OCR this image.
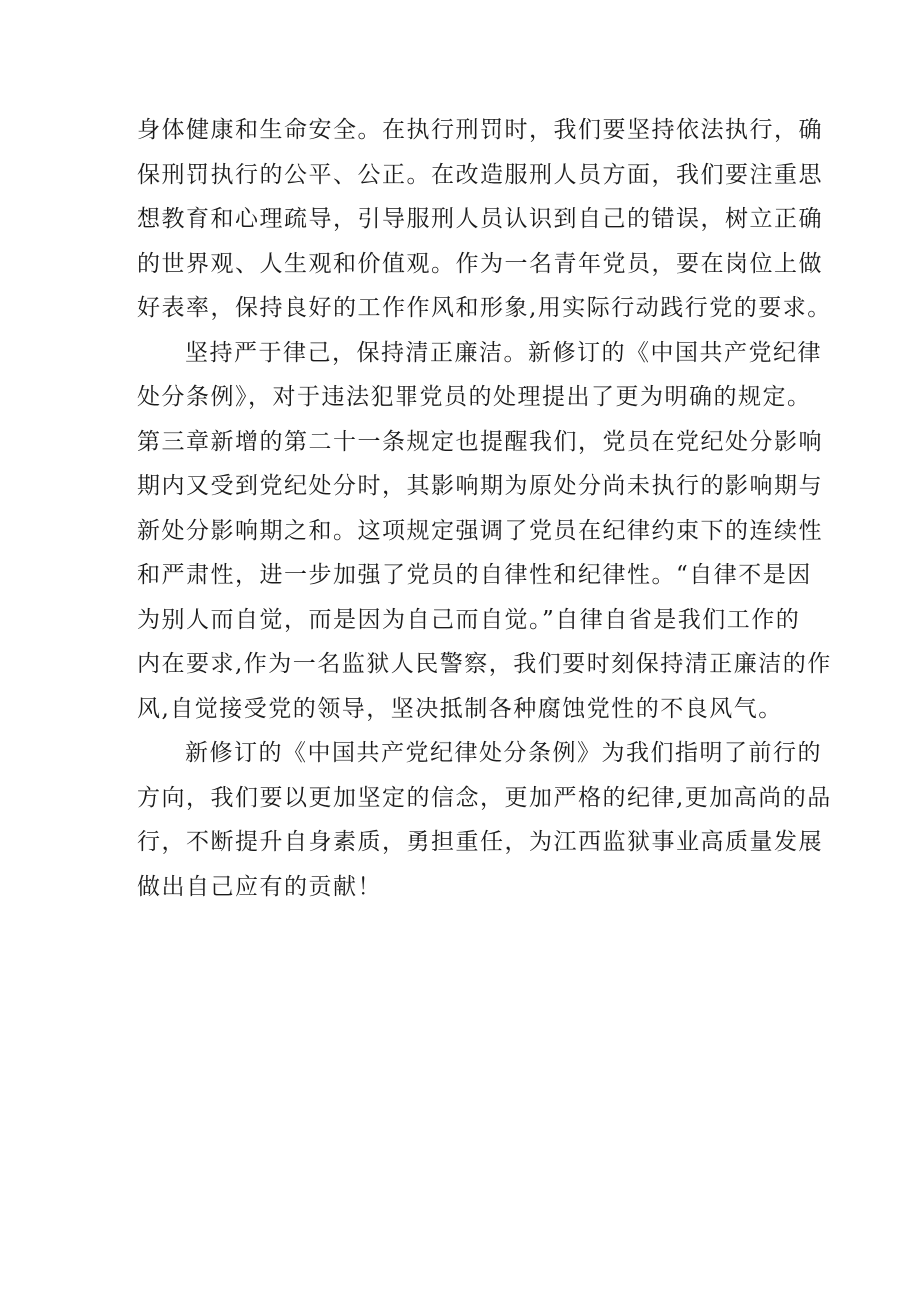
身体健康和生命安全。在执行刑罚时，我们要坚持依法执行，确
保刑罚执行的公平、公正。在改造服刑人员方面，我们要注重思
想教育和心理疏导，引导服刑人员认识到自己的错误，树立正确
的世界观、人生观和价值观。作为一名青年党员，要在岗位上做
好表率，保持良好的工作作风和形象,用实际行动践行党的要求。
坚持严于律己，保持清正廉洁。新修订的《中国共产党纪律
处分条例》，对于违法犯罪党员的处理提出了更为明确的规定。
第三章新增的第二十一条规定也提醒我们，党员在党纪处分影响
期内又受到党纪处分时，其影响期为原处分尚未执行的影响期与
新处分影响期之和。这项规定强调了党员在纪律约束下的连续性
和严肃性，进一步加强了党员的自律性和纪律性。“自律不是因
为别人而自觉，而是因为自己而自觉。”自律自省是我们工作的
内在要求,作为一名监狱人民警察，我们要时刻保持清正廉洁的作
风,自觉接受党的领导，坚决抵制各种腐蚀党性的不良风气。
新修订的《中国共产党纪律处分条例》为我们指明了前行的
方向，我们要以更加坚定的信念，更加严格的纪律,更加高尚的品
行，不断提升自身素质，勇担重任，为江西监狱事业高质量发展
做出自己应有的贡献！
